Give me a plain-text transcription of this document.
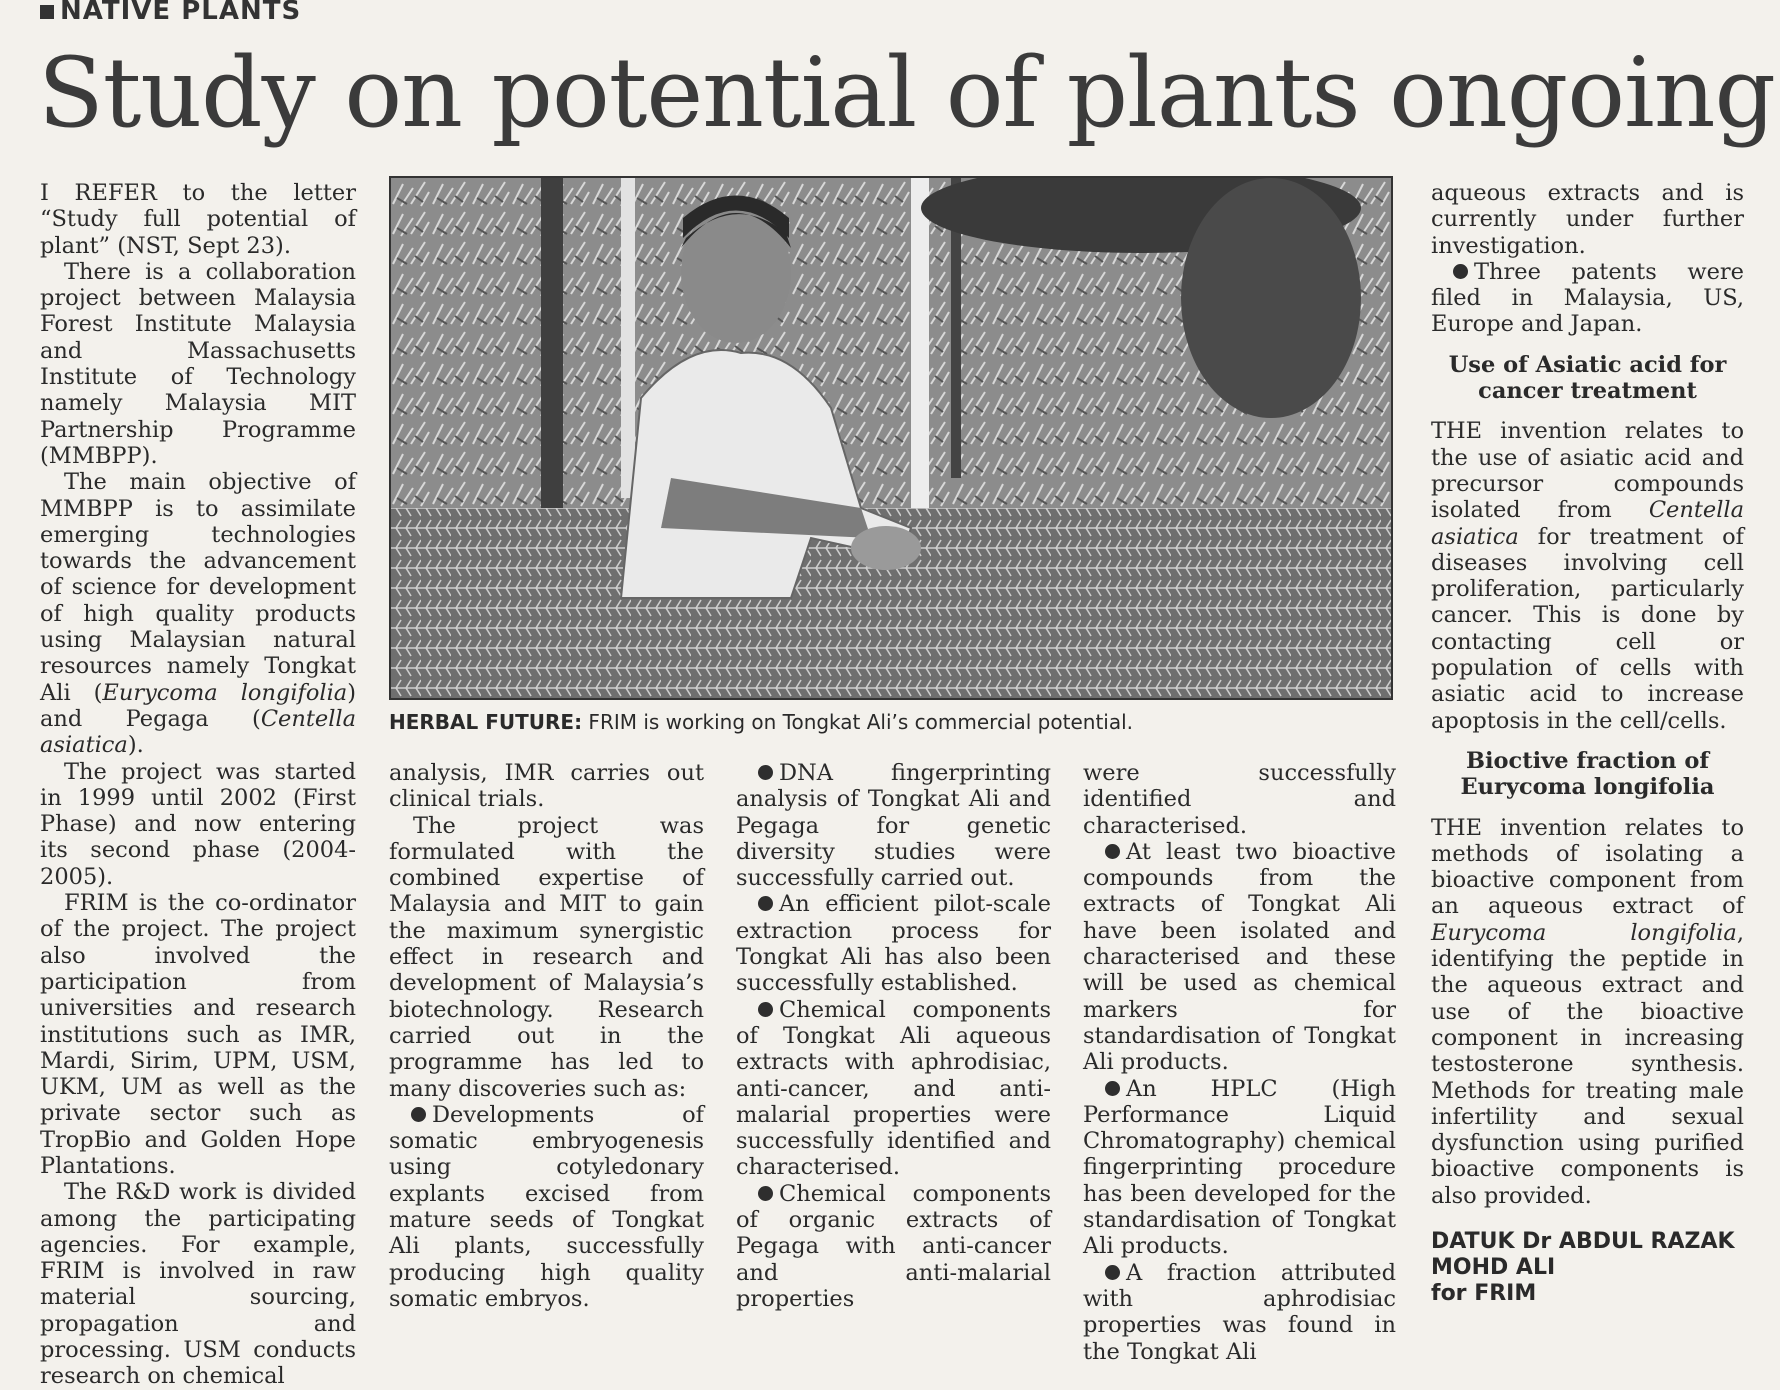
NATIVE PLANTS
Study on potential of plants ongoing

I REFER to the letter “Study full potential of plant” (NST, Sept 23).

There is a collaboration project between Malaysia Forest Institute Malaysia and Massachusetts Institute of Technology namely Malaysia MIT Partnership Programme (MMBPP).

The main objective of MMBPP is to assimilate emerging technologies towards the advancement of science for development of high quality products using Malaysian natural resources namely Tongkat Ali (Eurycoma longifolia) and Pegaga (Centella asiatica).

The project was started in 1999 until 2002 (First Phase) and now entering its second phase (2004-2005).

FRIM is the co-ordinator of the project. The project also involved the participation from universities and research institutions such as IMR, Mardi, Sirim, UPM, USM, UKM, UM as well as the private sector such as TropBio and Golden Hope Plantations.

The R&D work is divided among the participating agencies. For example, FRIM is involved in raw material sourcing, propagation and processing. USM conducts research on chemical

HERBAL FUTURE: FRIM is working on Tongkat Ali’s commercial potential.

analysis, IMR carries out clinical trials.

The project was formulated with the combined expertise of Malaysia and MIT to gain the maximum synergistic effect in research and development of Malaysia’s biotechnology. Research carried out in the programme has led to many discoveries such as:

Developments of somatic embryogenesis using cotyledonary explants excised from mature seeds of Tongkat Ali plants, successfully producing high quality somatic embryos.

DNA fingerprinting analysis of Tongkat Ali and Pegaga for genetic diversity studies were successfully carried out.

An efficient pilot-scale extraction process for Tongkat Ali has also been successfully established.

Chemical components of Tongkat Ali aqueous extracts with aphrodisiac, anti-cancer, and anti-malarial properties were successfully identified and characterised.

Chemical components of organic extracts of Pegaga with anti-cancer and anti-malarial properties

were successfully identified and characterised.

At least two bioactive compounds from the extracts of Tongkat Ali have been isolated and characterised and these will be used as chemical markers for standardisation of Tongkat Ali products.

An HPLC (High Performance Liquid Chromatography) chemical fingerprinting procedure has been developed for the standardisation of Tongkat Ali products.

A fraction attributed with aphrodisiac properties was found in the Tongkat Ali

aqueous extracts and is currently under further investigation.

Three patents were filed in Malaysia, US, Europe and Japan.

Use of Asiatic acid for

cancer treatment

THE invention relates to the use of asiatic acid and precursor compounds isolated from Centella asiatica for treatment of diseases involving cell proliferation, particularly cancer. This is done by contacting cell or population of cells with asiatic acid to increase apoptosis in the cell/cells.

Bioctive fraction of

Eurycoma longifolia

THE invention relates to methods of isolating a bioactive component from an aqueous extract of Eurycoma longifolia, identifying the peptide in the aqueous extract and use of the bioactive component in increasing testosterone synthesis. Methods for treating male infertility and sexual dysfunction using purified bioactive components is also provided.

DATUK Dr ABDUL RAZAK
MOHD ALI
for FRIM
